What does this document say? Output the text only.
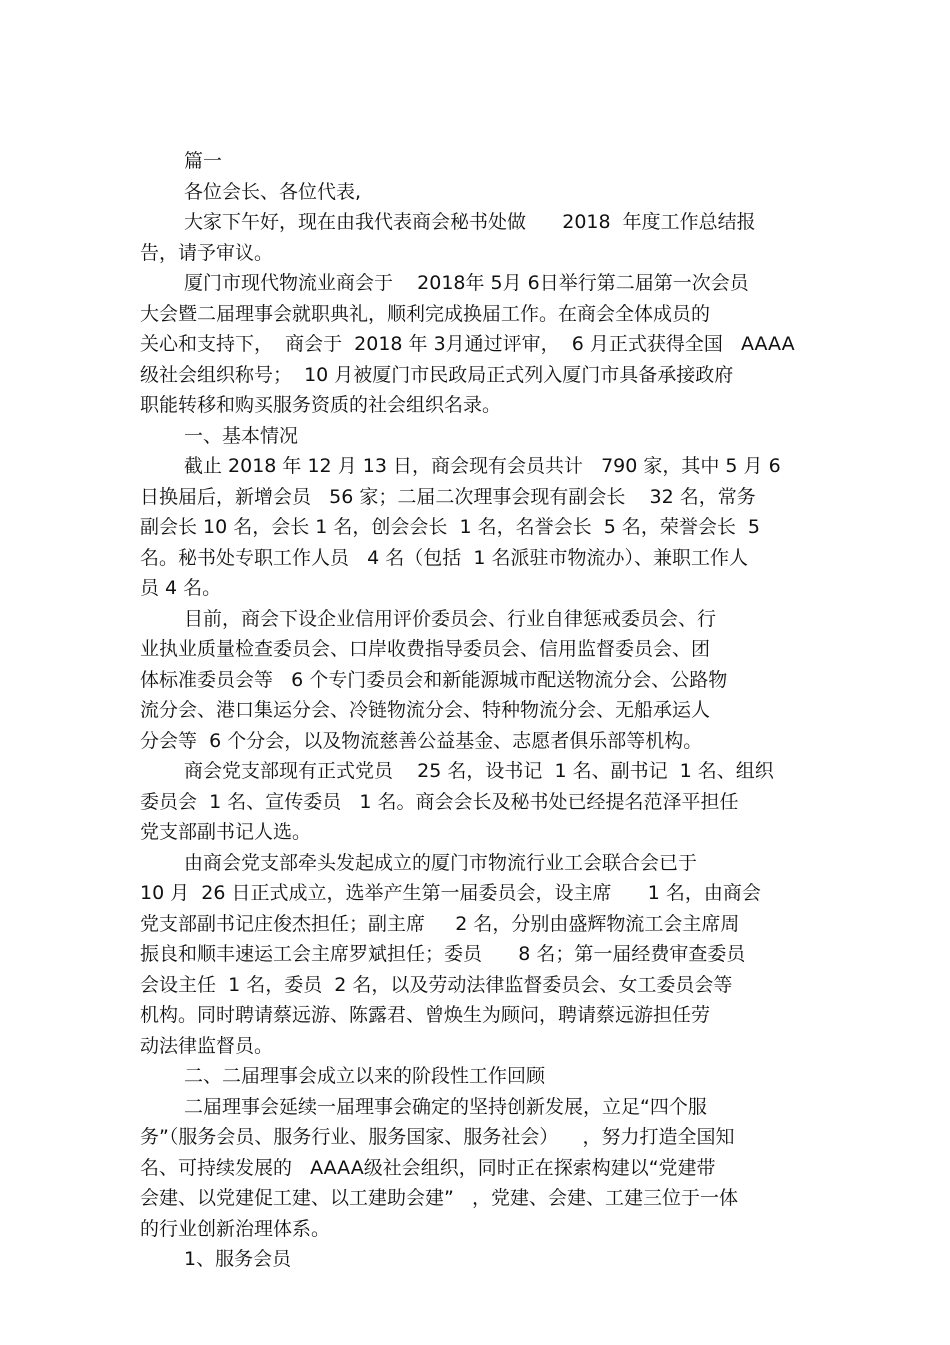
篇一
各位会长、各位代表,
大家下午好，现在由我代表商会秘书处做      2018  年度工作总结报
告，请予审议。
厦门市现代物流业商会于    2018年 5月 6日举行第二届第一次会员
大会暨二届理事会就职典礼，顺利完成换届工作。在商会全体成员的
关心和支持下，  商会于  2018 年 3月通过评审，  6 月正式获得全国   AAAA
级社会组织称号；  10 月被厦门市民政局正式列入厦门市具备承接政府
职能转移和购买服务资质的社会组织名录。
一、基本情况
截止 2018 年 12 月 13 日，商会现有会员共计   790 家，其中 5 月 6
日换届后，新增会员   56 家；二届二次理事会现有副会长    32 名，常务
副会长 10 名，会长 1 名，创会会长  1 名，名誉会长  5 名，荣誉会长  5
名。秘书处专职工作人员   4 名（包括  1 名派驻市物流办）、兼职工作人
员 4 名。
目前，商会下设企业信用评价委员会、行业自律惩戒委员会、行
业执业质量检查委员会、口岸收费指导委员会、信用监督委员会、团
体标准委员会等   6 个专门委员会和新能源城市配送物流分会、公路物
流分会、港口集运分会、冷链物流分会、特种物流分会、无船承运人
分会等  6 个分会，以及物流慈善公益基金、志愿者俱乐部等机构。
商会党支部现有正式党员    25 名，设书记  1 名、副书记  1 名、组织
委员会  1 名、宣传委员   1 名。商会会长及秘书处已经提名范泽平担任
党支部副书记人选。
由商会党支部牵头发起成立的厦门市物流行业工会联合会已于
10 月  26 日正式成立，选举产生第一届委员会，设主席      1 名，由商会
党支部副书记庄俊杰担任；副主席     2 名，分别由盛辉物流工会主席周
振良和顺丰速运工会主席罗斌担任；委员      8 名；第一届经费审查委员
会设主任  1 名，委员  2 名，以及劳动法律监督委员会、女工委员会等
机构。同时聘请蔡远游、陈露君、曾焕生为顾问，聘请蔡远游担任劳
动法律监督员。
二、二届理事会成立以来的阶段性工作回顾
二届理事会延续一届理事会确定的坚持创新发展，立足“四个服
务”（服务会员、服务行业、服务国家、服务社会）    ，努力打造全国知
名、可持续发展的   AAAA级社会组织，同时正在探索构建以“党建带
会建、以党建促工建、以工建助会建”   ，党建、会建、工建三位于一体
的行业创新治理体系。
1、服务会员
